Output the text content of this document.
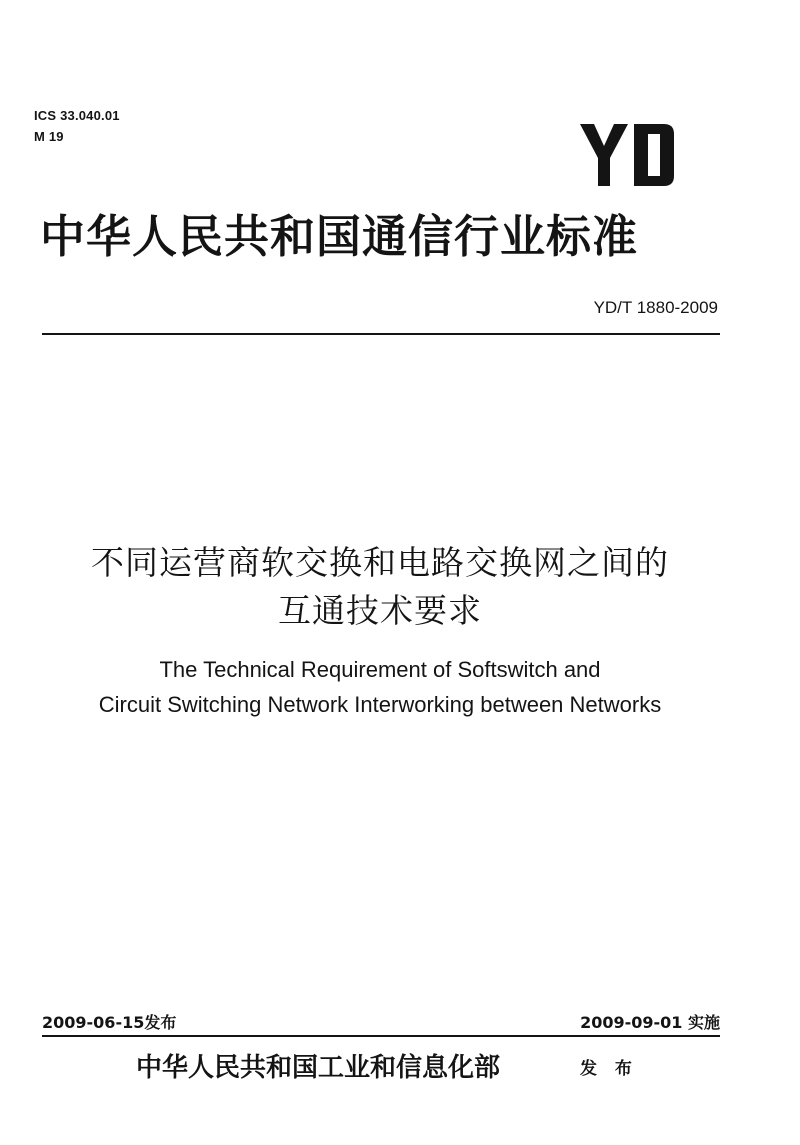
ICS 33.040.01
M 19
中华人民共和国通信行业标准
YD/T 1880-2009
不同运营商软交换和电路交换网之间的
互通技术要求
The Technical Requirement of Softswitch and
Circuit Switching Network Interworking between Networks
2009-06-15发布	2009-09-01 实施
中华人民共和国工业和信息化部	发 布
